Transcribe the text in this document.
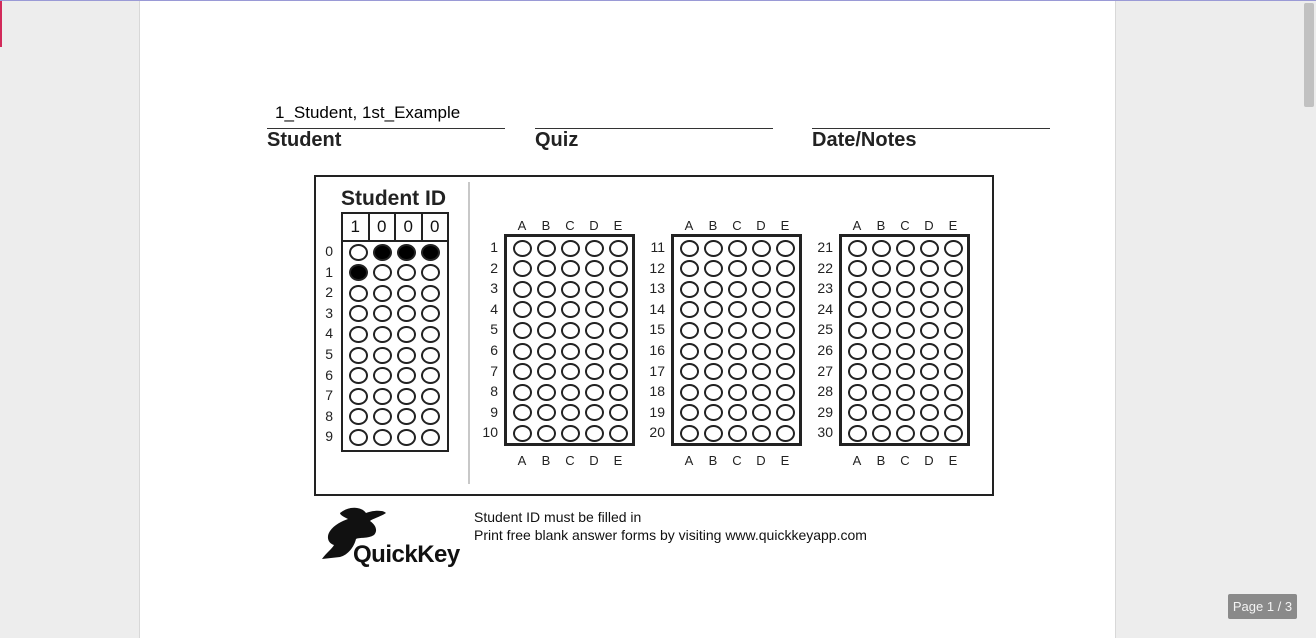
1_Student, 1st_Example
Student	Quiz	Date/Notes
Student ID
1	0	0	0
0
1
2
3
4
5
6
7
8
9
A
A
B
B
C
C
D
D
E
E
1
2
3
4
5
6
7
8
9
10
A
A
B
B
C
C
D
D
E
E
11
12
13
14
15
16
17
18
19
20
A
A
B
B
C
C
D
D
E
E
21
22
23
24
25
26
27
28
29
30
QuickKey
Student ID must be filled in
Print free blank answer forms by visiting www.quickkeyapp.com
Page 1 / 3
